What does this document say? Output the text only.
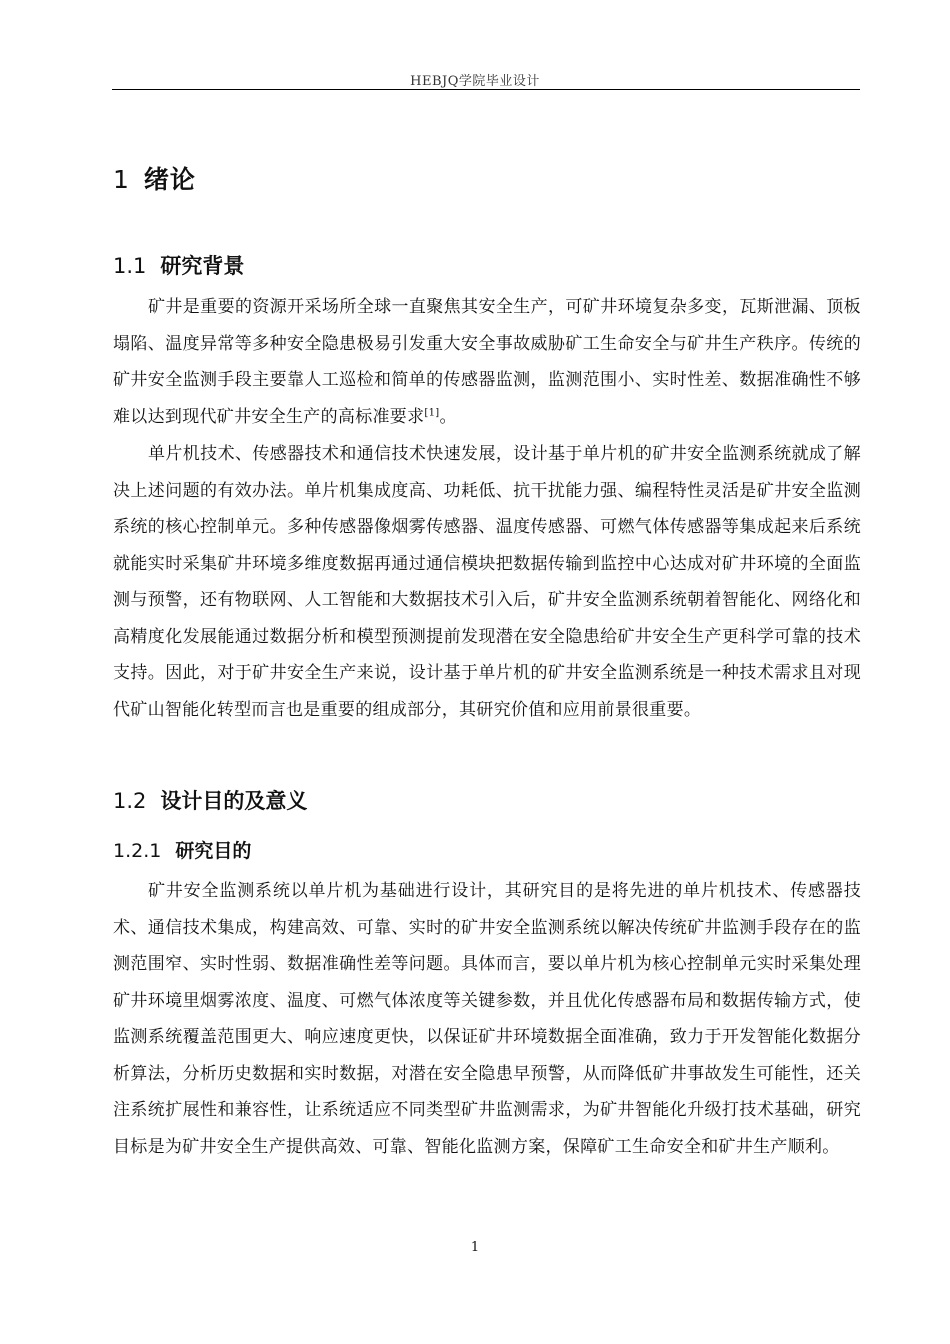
HEBJQ学院毕业设计
1 绪论
1.1 研究背景

矿井是重要的资源开采场所全球一直聚焦其安全生产，可矿井环境复杂多变，瓦斯泄漏、顶板塌陷、温度异常等多种安全隐患极易引发重大安全事故威胁矿工生命安全与矿井生产秩序。传统的矿井安全监测手段主要靠人工巡检和简单的传感器监测，监测范围小、实时性差、数据准确性不够难以达到现代矿井安全生产的高标准要求[1]。

单片机技术、传感器技术和通信技术快速发展，设计基于单片机的矿井安全监测系统就成了解决上述问题的有效办法。单片机集成度高、功耗低、抗干扰能力强、编程特性灵活是矿井安全监测系统的核心控制单元。多种传感器像烟雾传感器、温度传感器、可燃气体传感器等集成起来后系统就能实时采集矿井环境多维度数据再通过通信模块把数据传输到监控中心达成对矿井环境的全面监测与预警，还有物联网、人工智能和大数据技术引入后，矿井安全监测系统朝着智能化、网络化和高精度化发展能通过数据分析和模型预测提前发现潜在安全隐患给矿井安全生产更科学可靠的技术支持。因此，对于矿井安全生产来说，设计基于单片机的矿井安全监测系统是一种技术需求且对现代矿山智能化转型而言也是重要的组成部分，其研究价值和应用前景很重要。

1.2 设计目的及意义
1.2.1 研究目的

矿井安全监测系统以单片机为基础进行设计，其研究目的是将先进的单片机技术、传感器技术、通信技术集成，构建高效、可靠、实时的矿井安全监测系统以解决传统矿井监测手段存在的监测范围窄、实时性弱、数据准确性差等问题。具体而言，要以单片机为核心控制单元实时采集处理矿井环境里烟雾浓度、温度、可燃气体浓度等关键参数，并且优化传感器布局和数据传输方式，使监测系统覆盖范围更大、响应速度更快，以保证矿井环境数据全面准确，致力于开发智能化数据分析算法，分析历史数据和实时数据，对潜在安全隐患早预警，从而降低矿井事故发生可能性，还关注系统扩展性和兼容性，让系统适应不同类型矿井监测需求，为矿井智能化升级打技术基础，研究目标是为矿井安全生产提供高效、可靠、智能化监测方案，保障矿工生命安全和矿井生产顺利。

1
